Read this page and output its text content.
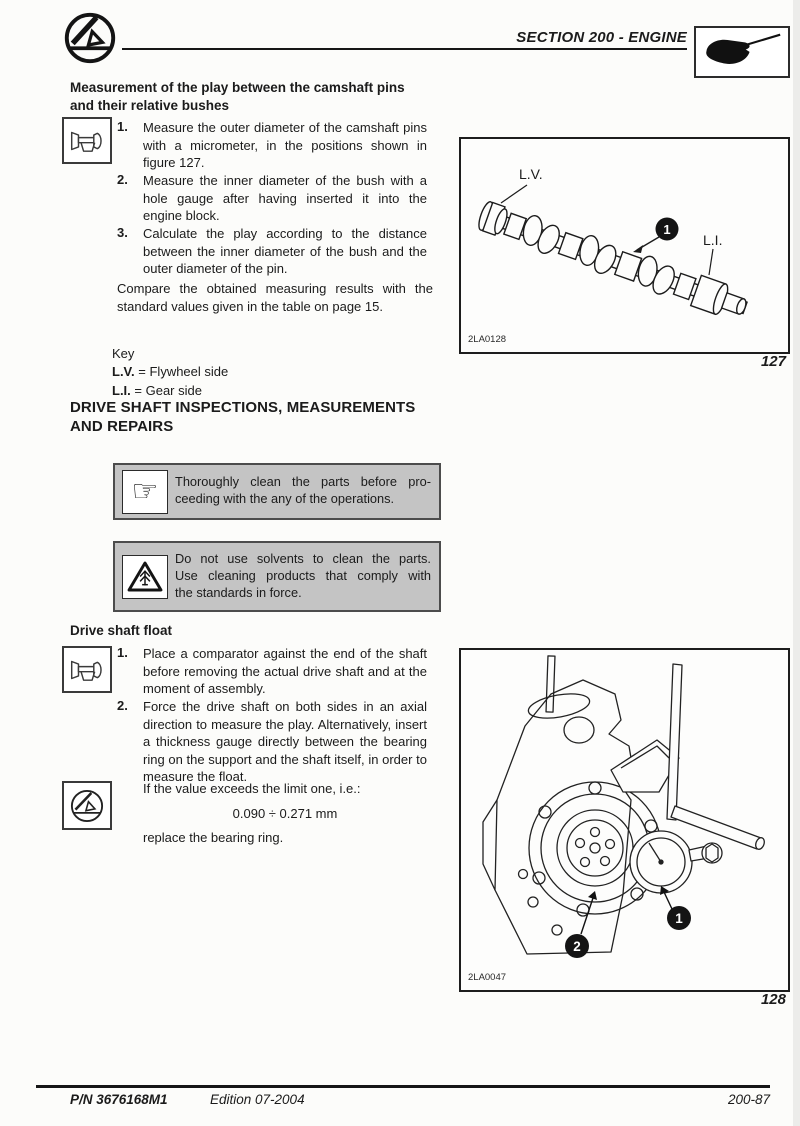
SECTION 200 - ENGINE
Measurement of the play between the camshaft pins and their relative bushes
1. Measure the outer diameter of the camshaft pins with a micrometer, in the positions shown in figure 127.
2. Measure the inner diameter of the bush with a hole gauge after having inserted it into the engine block.
3. Calculate the play according to the distance between the inner diameter of the bush and the outer diameter of the pin.
Compare the obtained measuring results with the standard values given in the table on page 15.
Key
L.V. = Flywheel side
L.I. = Gear side
L.V.
1
L.I.
2LA0128
127
DRIVE SHAFT INSPECTIONS, MEASUREMENTS AND REPAIRS
☞ Thoroughly clean the parts before pro-
ceeding with the any of the operations.
Do not use solvents to clean the parts.
Use cleaning products that comply with
the standards in force.
Drive shaft float
1. Place a comparator against the end of the shaft before removing the actual drive shaft and at the moment of assembly.
2. Force the drive shaft on both sides in an axial direction to measure the play. Alternatively, insert a thickness gauge directly between the bearing ring on the support and the shaft itself, in order to measure the float.
If the value exceeds the limit one, i.e.:
0.090 ÷ 0.271 mm
replace the bearing ring.
1
2
2LA0047
128
P/N 3676168M1	Edition 07-2004	200-87
